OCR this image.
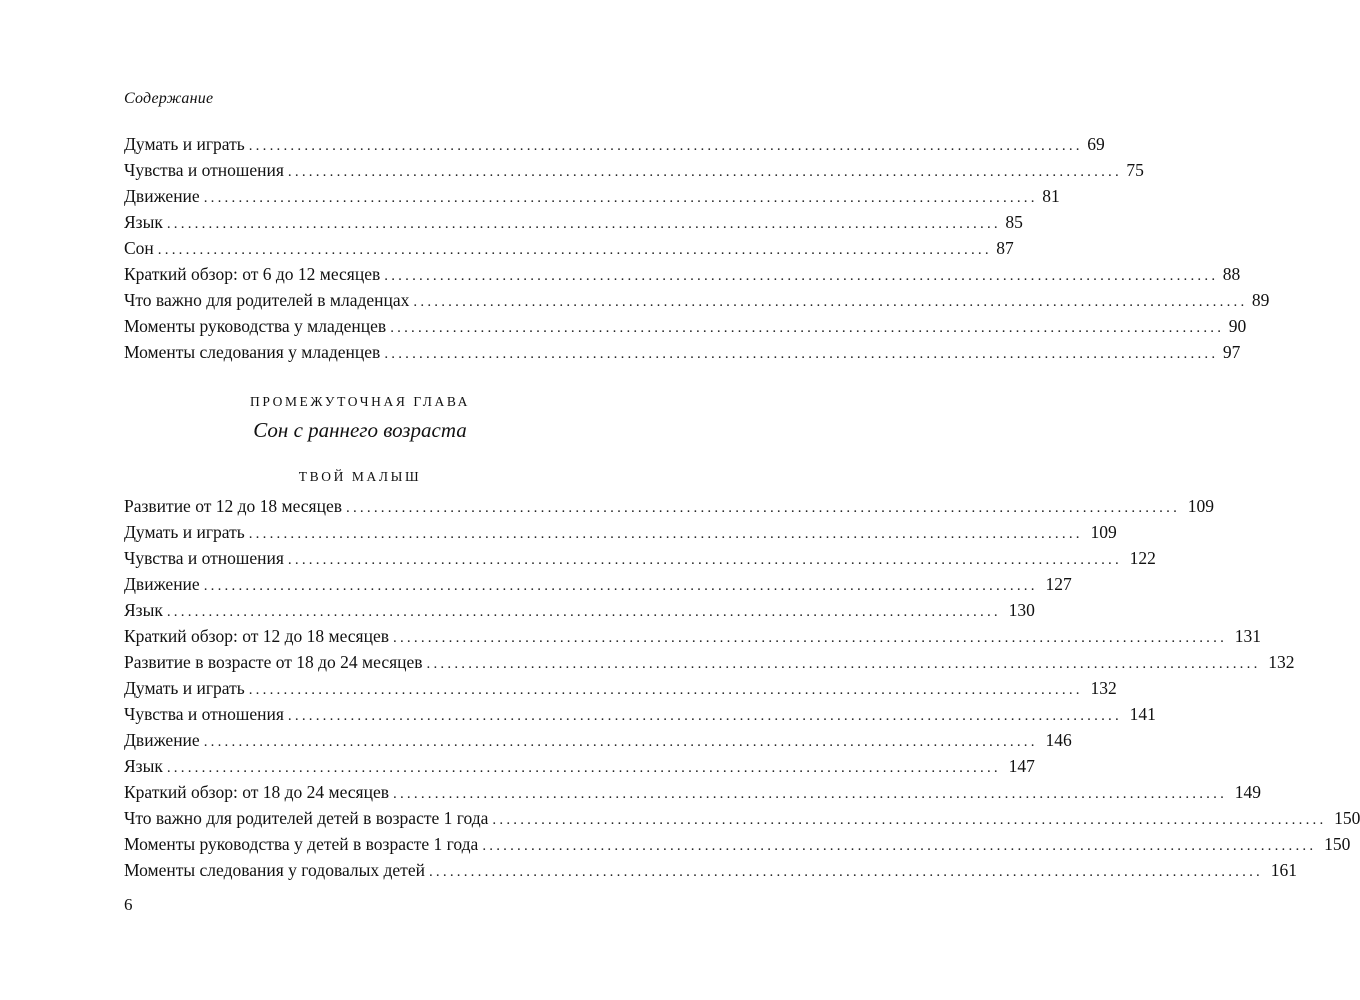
Содержание
Думать и играть ........................................................................................................................ 69
Чувства и отношения ........................................................................................................................ 75
Движение ........................................................................................................................ 81
Язык ........................................................................................................................ 85
Сон ........................................................................................................................ 87
Краткий обзор: от 6 до 12 месяцев ........................................................................................................................ 88
Что важно для родителей в младенцах ........................................................................................................................ 89
Моменты руководства у младенцев ........................................................................................................................ 90
Моменты следования у младенцев ........................................................................................................................ 97
ПРОМЕЖУТОЧНАЯ ГЛАВА
Сон с раннего возраста
ТВОЙ МАЛЫШ
Развитие от 12 до 18 месяцев ........................................................................................................................ 109
Думать и играть ........................................................................................................................ 109
Чувства и отношения ........................................................................................................................ 122
Движение ........................................................................................................................ 127
Язык ........................................................................................................................ 130
Краткий обзор: от 12 до 18 месяцев ........................................................................................................................ 131
Развитие в возрасте от 18 до 24 месяцев ........................................................................................................................ 132
Думать и играть ........................................................................................................................ 132
Чувства и отношения ........................................................................................................................ 141
Движение ........................................................................................................................ 146
Язык ........................................................................................................................ 147
Краткий обзор: от 18 до 24 месяцев ........................................................................................................................ 149
Что важно для родителей детей в возрасте 1 года ........................................................................................................................ 150
Моменты руководства у детей в возрасте 1 года ........................................................................................................................ 150
Моменты следования у годовалых детей ........................................................................................................................ 161
6
